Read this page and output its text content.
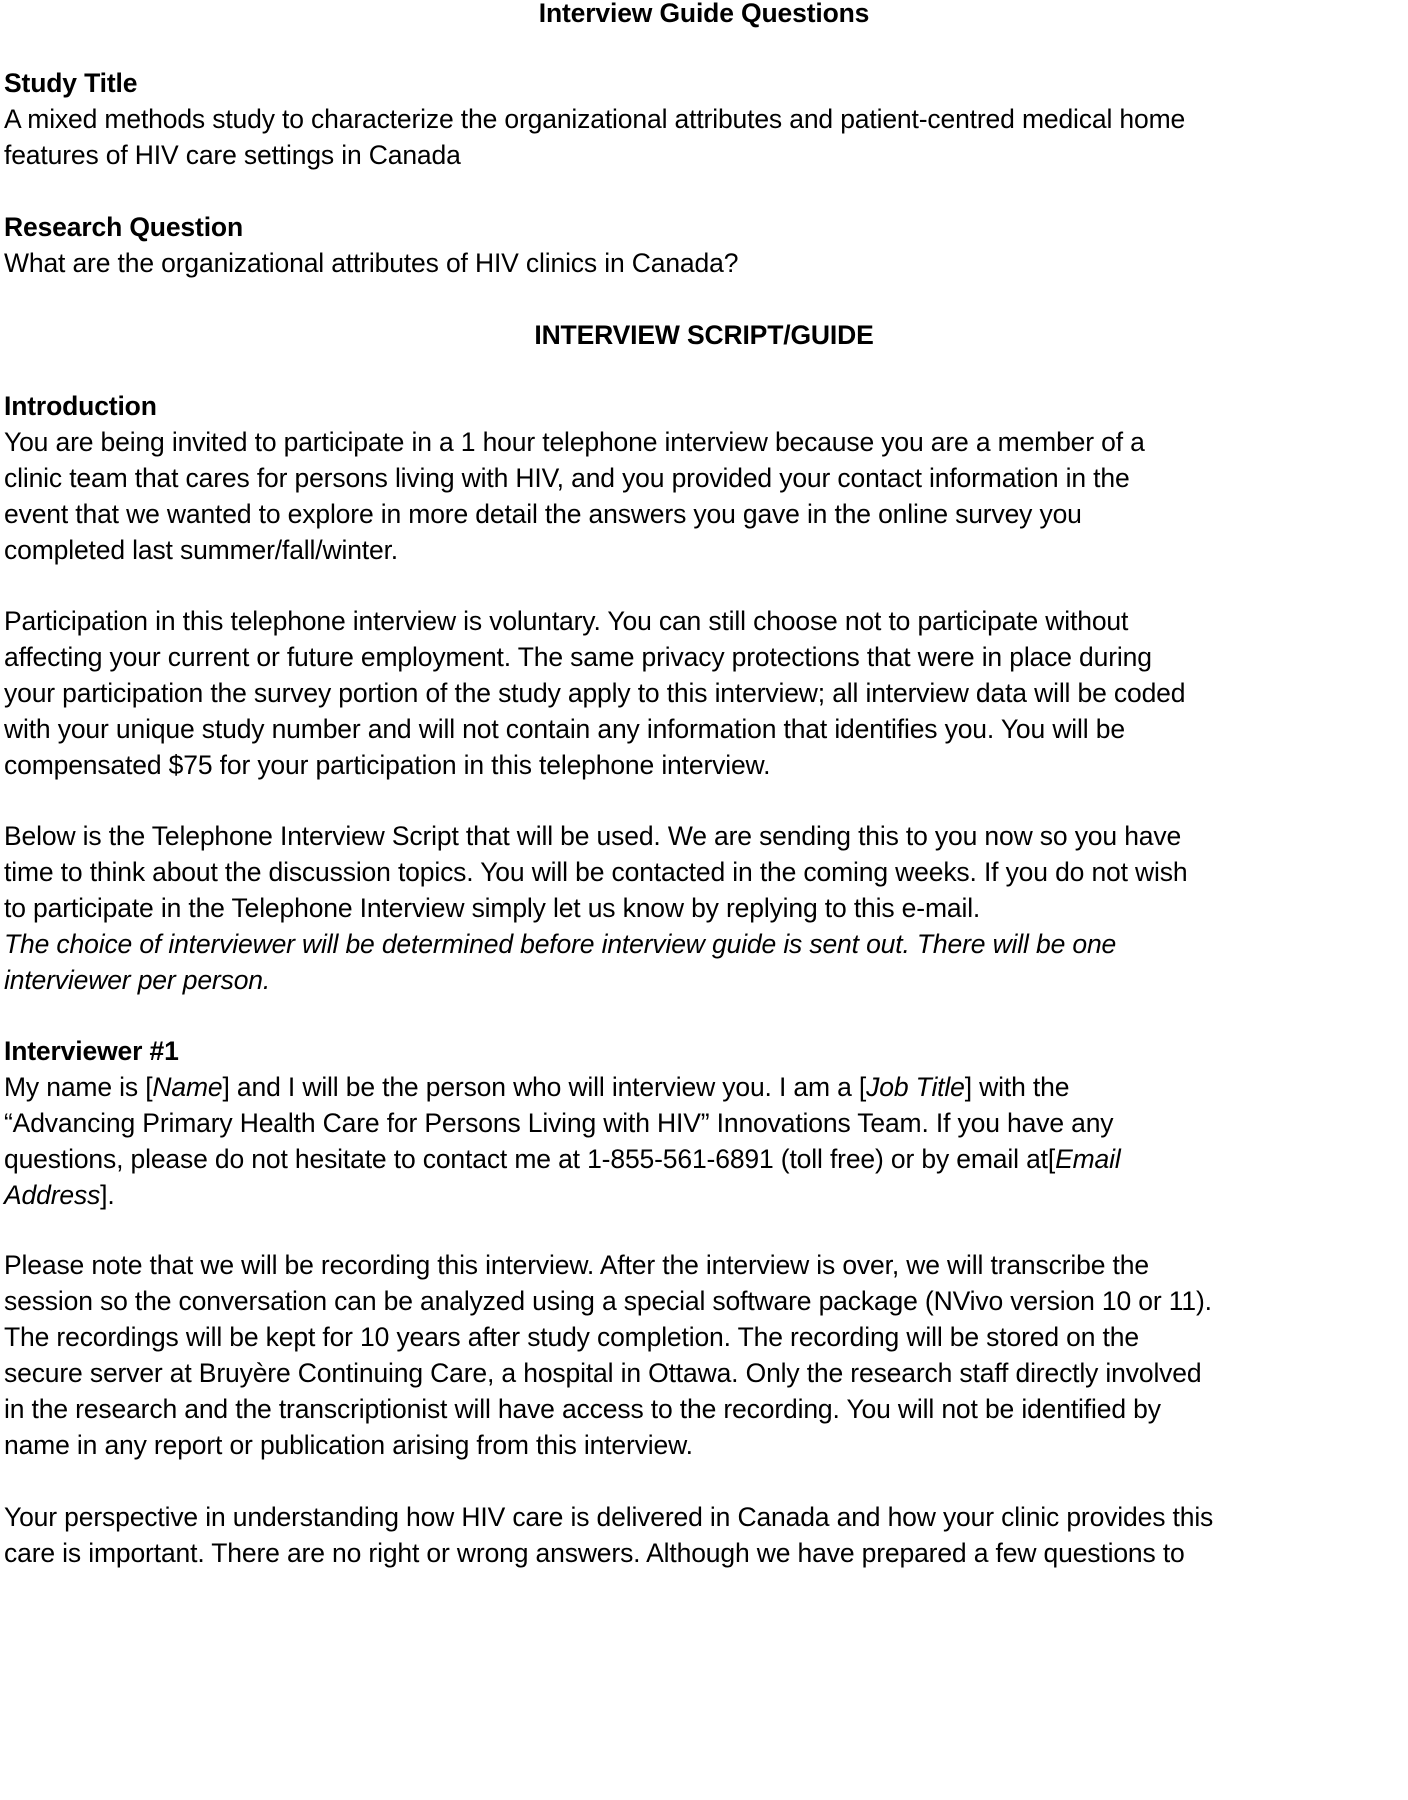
Interview Guide Questions
Study Title
A mixed methods study to characterize the organizational attributes and patient-centred medical home
features of HIV care settings in Canada
Research Question
What are the organizational attributes of HIV clinics in Canada?
INTERVIEW SCRIPT/GUIDE
Introduction
You are being invited to participate in a 1 hour telephone interview because you are a member of a
clinic team that cares for persons living with HIV, and you provided your contact information in the
event that we wanted to explore in more detail the answers you gave in the online survey you
completed last summer/fall/winter.
Participation in this telephone interview is voluntary. You can still choose not to participate without
affecting your current or future employment. The same privacy protections that were in place during
your participation the survey portion of the study apply to this interview; all interview data will be coded
with your unique study number and will not contain any information that identifies you. You will be
compensated $75 for your participation in this telephone interview.
Below is the Telephone Interview Script that will be used. We are sending this to you now so you have
time to think about the discussion topics. You will be contacted in the coming weeks. If you do not wish
to participate in the Telephone Interview simply let us know by replying to this e-mail.
The choice of interviewer will be determined before interview guide is sent out. There will be one
interviewer per person.
Interviewer #1
My name is [Name] and I will be the person who will interview you. I am a [Job Title] with the
“Advancing Primary Health Care for Persons Living with HIV” Innovations Team. If you have any
questions, please do not hesitate to contact me at 1-855-561-6891 (toll free) or by email at[Email
Address].
Please note that we will be recording this interview. After the interview is over, we will transcribe the
session so the conversation can be analyzed using a special software package (NVivo version 10 or 11).
The recordings will be kept for 10 years after study completion. The recording will be stored on the
secure server at Bruyère Continuing Care, a hospital in Ottawa. Only the research staff directly involved
in the research and the transcriptionist will have access to the recording. You will not be identified by
name in any report or publication arising from this interview.
Your perspective in understanding how HIV care is delivered in Canada and how your clinic provides this
care is important. There are no right or wrong answers. Although we have prepared a few questions to
